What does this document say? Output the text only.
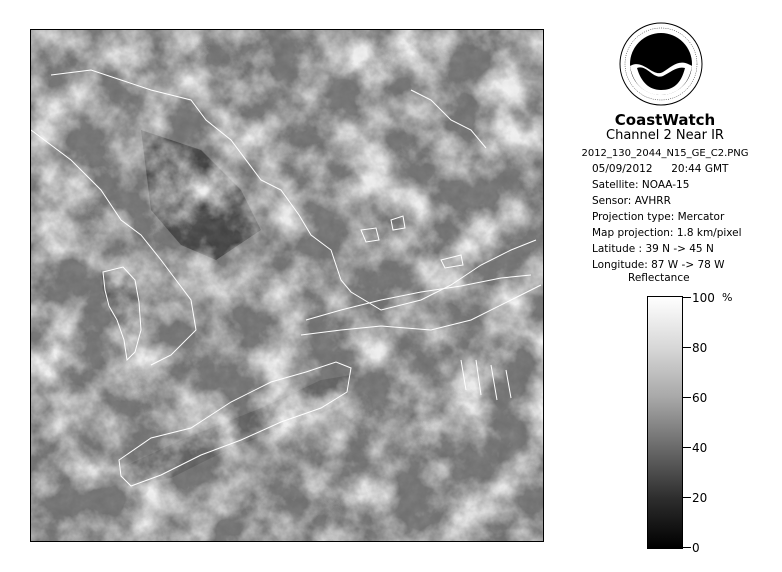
CoastWatch
Channel 2 Near IR
2012_130_2044_N15_GE_C2.PNG
05/09/2012 20:44 GMT
Satellite: NOAA-15
Sensor: AVHRR
Projection type: Mercator
Map projection: 1.8 km/pixel
Latitude : 39 N -> 45 N
Longitude: 87 W -> 78 W
Reflectance
%
100
80
60
40
20
0
